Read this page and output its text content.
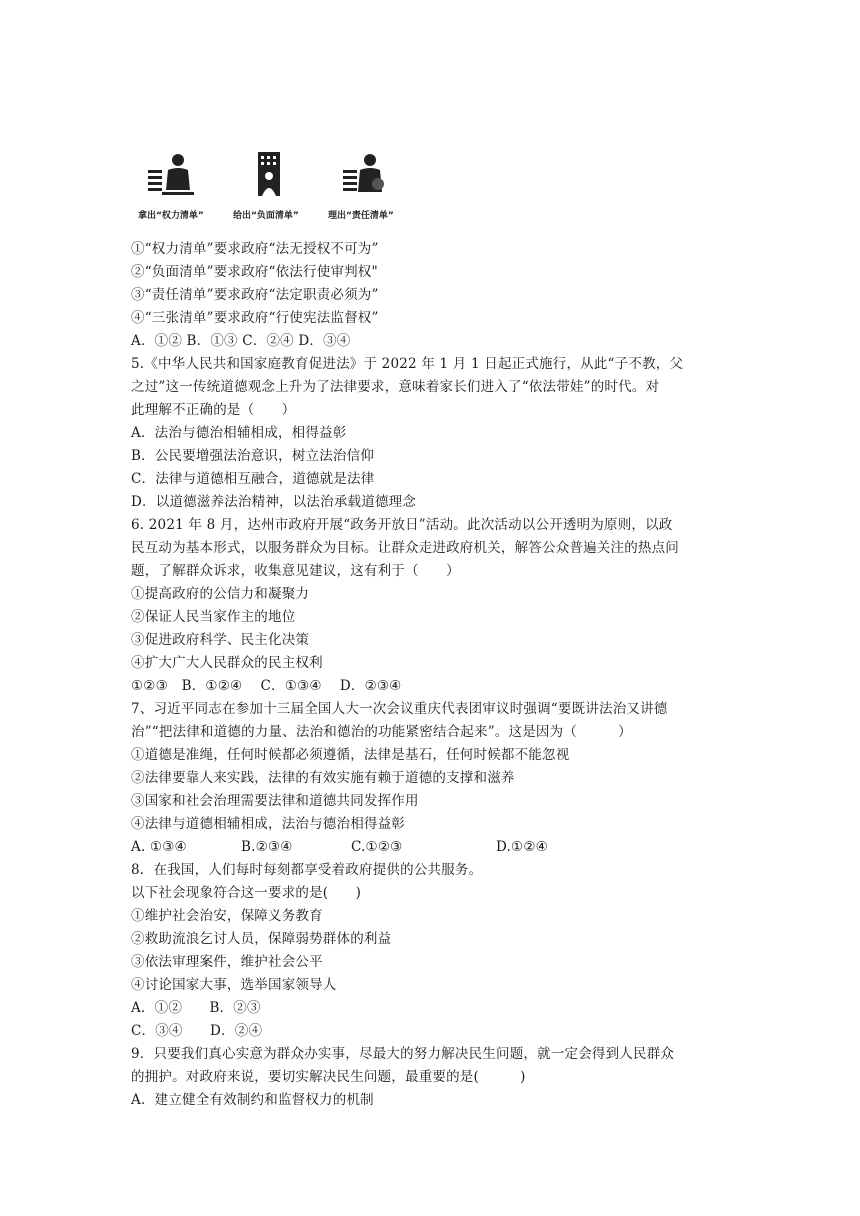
拿出“权力清单”	给出“负面清单”	理出“责任清单”
①“权力清单”要求政府“法无授权不可为”
②“负面清单”要求政府“依法行使审判权"
③“责任清单”要求政府“法定职责必须为”
④“三张清单”要求政府“行使宪法监督权”
A．①② B．①③ C．②④ D．③④
5.《中华人民共和国家庭教育促进法》于 2022 年 1 月 1 日起正式施行，从此“子不教，父
之过”这一传统道德观念上升为了法律要求，意味着家长们进入了“依法带娃”的时代。对
此理解不正确的是（　　）
A．法治与德治相辅相成，相得益彰
B．公民要增强法治意识，树立法治信仰
C．法律与道德相互融合，道德就是法律
D．以道德滋养法治精神，以法治承载道德理念
6. 2021 年 8 月，达州市政府开展“政务开放日”活动。此次活动以公开透明为原则，以政
民互动为基本形式，以服务群众为目标。让群众走进政府机关，解答公众普遍关注的热点问
题，了解群众诉求，收集意见建议，这有利于（　　）
①提高政府的公信力和凝聚力
②保证人民当家作主的地位
③促进政府科学、民主化决策
④扩大广大人民群众的民主权利
①②③　B．①②④　 C．①③④　 D．②③④
7、习近平同志在参加十三届全国人大一次会议重庆代表团审议时强调“要既讲法治又讲德
治”“把法律和道德的力量、法治和德治的功能紧密结合起来”。这是因为（　　　）
①道德是准绳，任何时候都必须遵循，法律是基石，任何时候都不能忽视
②法律要靠人来实践，法律的有效实施有赖于道德的支撑和滋养
③国家和社会治理需要法律和道德共同发挥作用
④法律与道德相辅相成，法治与德治相得益彰
A. ①③④	B.②③④	C.①②③	D.①②④
8．在我国，人们每时每刻都享受着政府提供的公共服务。
以下社会现象符合这一要求的是(　　)
①维护社会治安，保障义务教育
②救助流浪乞讨人员，保障弱势群体的利益
③依法审理案件，维护社会公平
④讨论国家大事，选举国家领导人
A．①②　　B．②③
C．③④　　D．②④
9．只要我们真心实意为群众办实事，尽最大的努力解决民生问题，就一定会得到人民群众
的拥护。对政府来说，要切实解决民生问题，最重要的是(　　　)
A．建立健全有效制约和监督权力的机制
